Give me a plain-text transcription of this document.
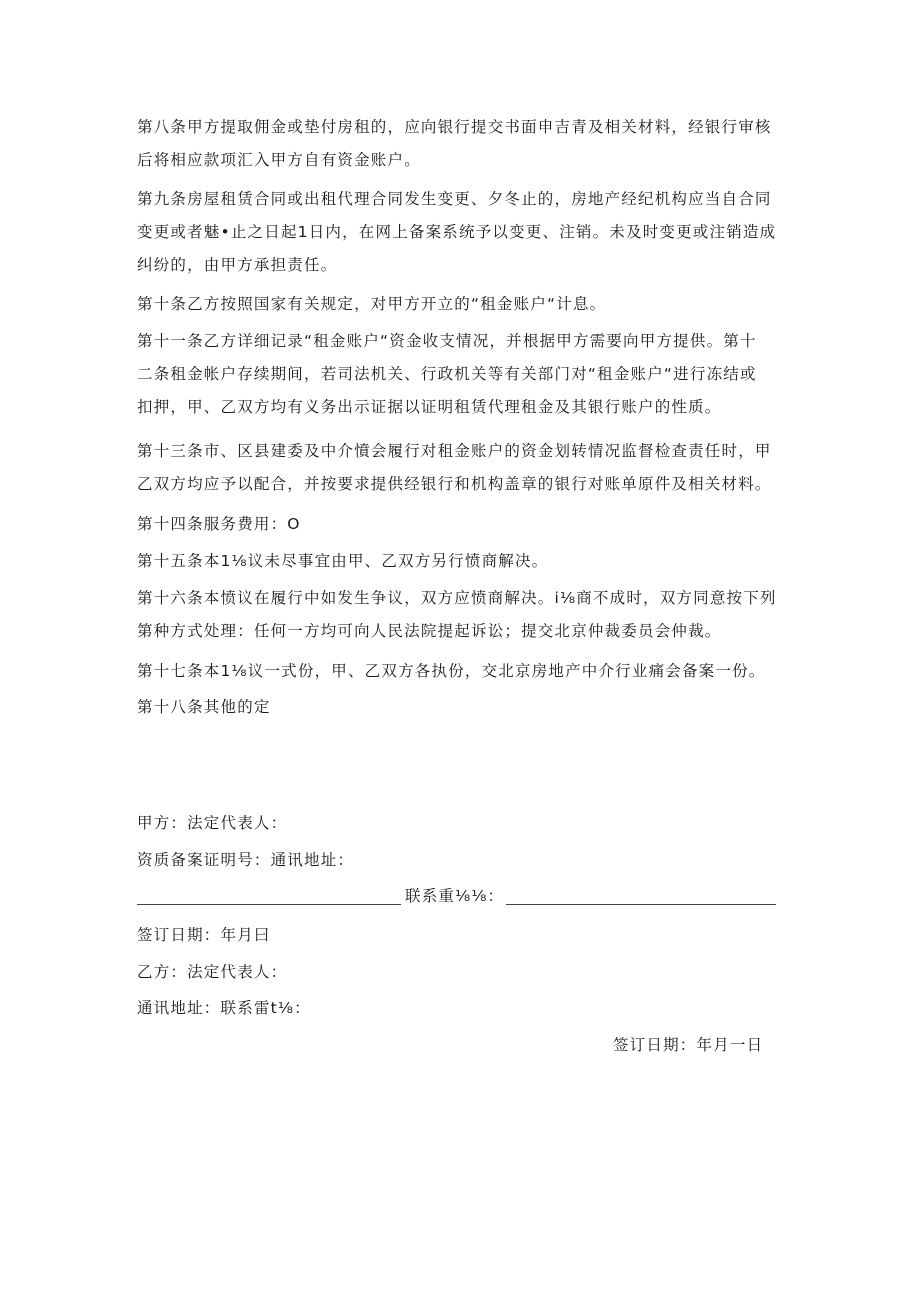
第八条甲方提取佣金或垫付房租的，应向银行提交书面申吉青及相关材料，经银行审核
后将相应款项汇入甲方自有资金账户。
第九条房屋租赁合同或出租代理合同发生变更、夕冬止的，房地产经纪机构应当自合同
变更或者魅•止之日起1日内，在网上备案系统予以变更、注销。未及时变更或注销造成
纠纷的，由甲方承担责任。
第十条乙方按照国家有关规定，对甲方开立的“租金账户“计息。
第十一条乙方详细记录“租金账户“资金收支情况，并根据甲方需要向甲方提供。第十
二条租金帐户存续期间，若司法机关、行政机关等有关部门对“租金账户“进行冻结或
扣押，甲、乙双方均有义务出示证据以证明租赁代理租金及其银行账户的性质。
第十三条市、区县建委及中介憤会履行对租金账户的资金划转情况监督检查责任时，甲
乙双方均应予以配合，并按要求提供经银行和机构盖章的银行对账单原件及相关材料。
第十四条服务费用：O
第十五条本1⅛议未尽事宜由甲、乙双方另行愤商解决。
第十六条本愤议在履行中如发生争议，双方应愤商解决。i⅛商不成时，双方同意按下列
第种方式处理：任何一方均可向人民法院提起诉讼；提交北京仲裁委员会仲裁。
第十七条本1⅛议一式份，甲、乙双方各执份，交北京房地产中介行业痛会备案一份。
第十八条其他的定
甲方：法定代表人：
资质备案证明号：通讯地址：
联系重⅛⅛：
签订日期：年月曰
乙方：法定代表人：
通讯地址：联系雷t⅛：
签订日期：年月一日
